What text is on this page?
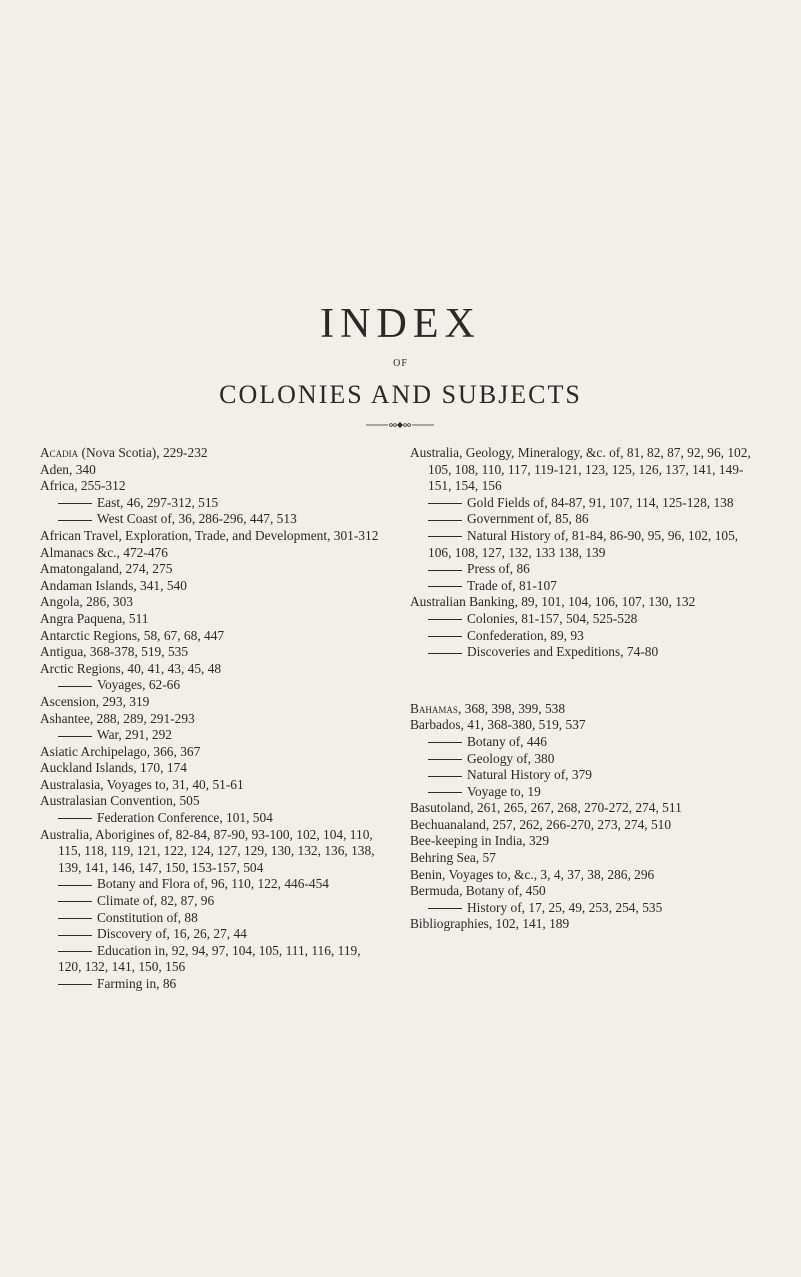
INDEX
OF
COLONIES AND SUBJECTS
Acadia (Nova Scotia), 229-232
Aden, 340
Africa, 255-312
East, 46, 297-312, 515
West Coast of, 36, 286-296, 447, 513
African Travel, Exploration, Trade, and Development, 301-312
Almanacs &c., 472-476
Amatongaland, 274, 275
Andaman Islands, 341, 540
Angola, 286, 303
Angra Paquena, 511
Antarctic Regions, 58, 67, 68, 447
Antigua, 368-378, 519, 535
Arctic Regions, 40, 41, 43, 45, 48
Voyages, 62-66
Ascension, 293, 319
Ashantee, 288, 289, 291-293
War, 291, 292
Asiatic Archipelago, 366, 367
Auckland Islands, 170, 174
Australasia, Voyages to, 31, 40, 51-61
Australasian Convention, 505
Federation Conference, 101, 504
Australia, Aborigines of, 82-84, 87-90, 93-100, 102, 104, 110, 115, 118, 119, 121, 122, 124, 127, 129, 130, 132, 136, 138, 139, 141, 146, 147, 150, 153-157, 504
Botany and Flora of, 96, 110, 122, 446-454
Climate of, 82, 87, 96
Constitution of, 88
Discovery of, 16, 26, 27, 44
Education in, 92, 94, 97, 104, 105, 111, 116, 119, 120, 132, 141, 150, 156
Farming in, 86
Australia, Geology, Mineralogy, &c. of, 81, 82, 87, 92, 96, 102, 105, 108, 110, 117, 119-121, 123, 125, 126, 137, 141, 149-151, 154, 156
Gold Fields of, 84-87, 91, 107, 114, 125-128, 138
Government of, 85, 86
Natural History of, 81-84, 86-90, 95, 96, 102, 105, 106, 108, 127, 132, 133 138, 139
Press of, 86
Trade of, 81-107
Australian Banking, 89, 101, 104, 106, 107, 130, 132
Colonies, 81-157, 504, 525-528
Confederation, 89, 93
Discoveries and Expeditions, 74-80
Bahamas, 368, 398, 399, 538
Barbados, 41, 368-380, 519, 537
Botany of, 446
Geology of, 380
Natural History of, 379
Voyage to, 19
Basutoland, 261, 265, 267, 268, 270-272, 274, 511
Bechuanaland, 257, 262, 266-270, 273, 274, 510
Bee-keeping in India, 329
Behring Sea, 57
Benin, Voyages to, &c., 3, 4, 37, 38, 286, 296
Bermuda, Botany of, 450
History of, 17, 25, 49, 253, 254, 535
Bibliographies, 102, 141, 189
